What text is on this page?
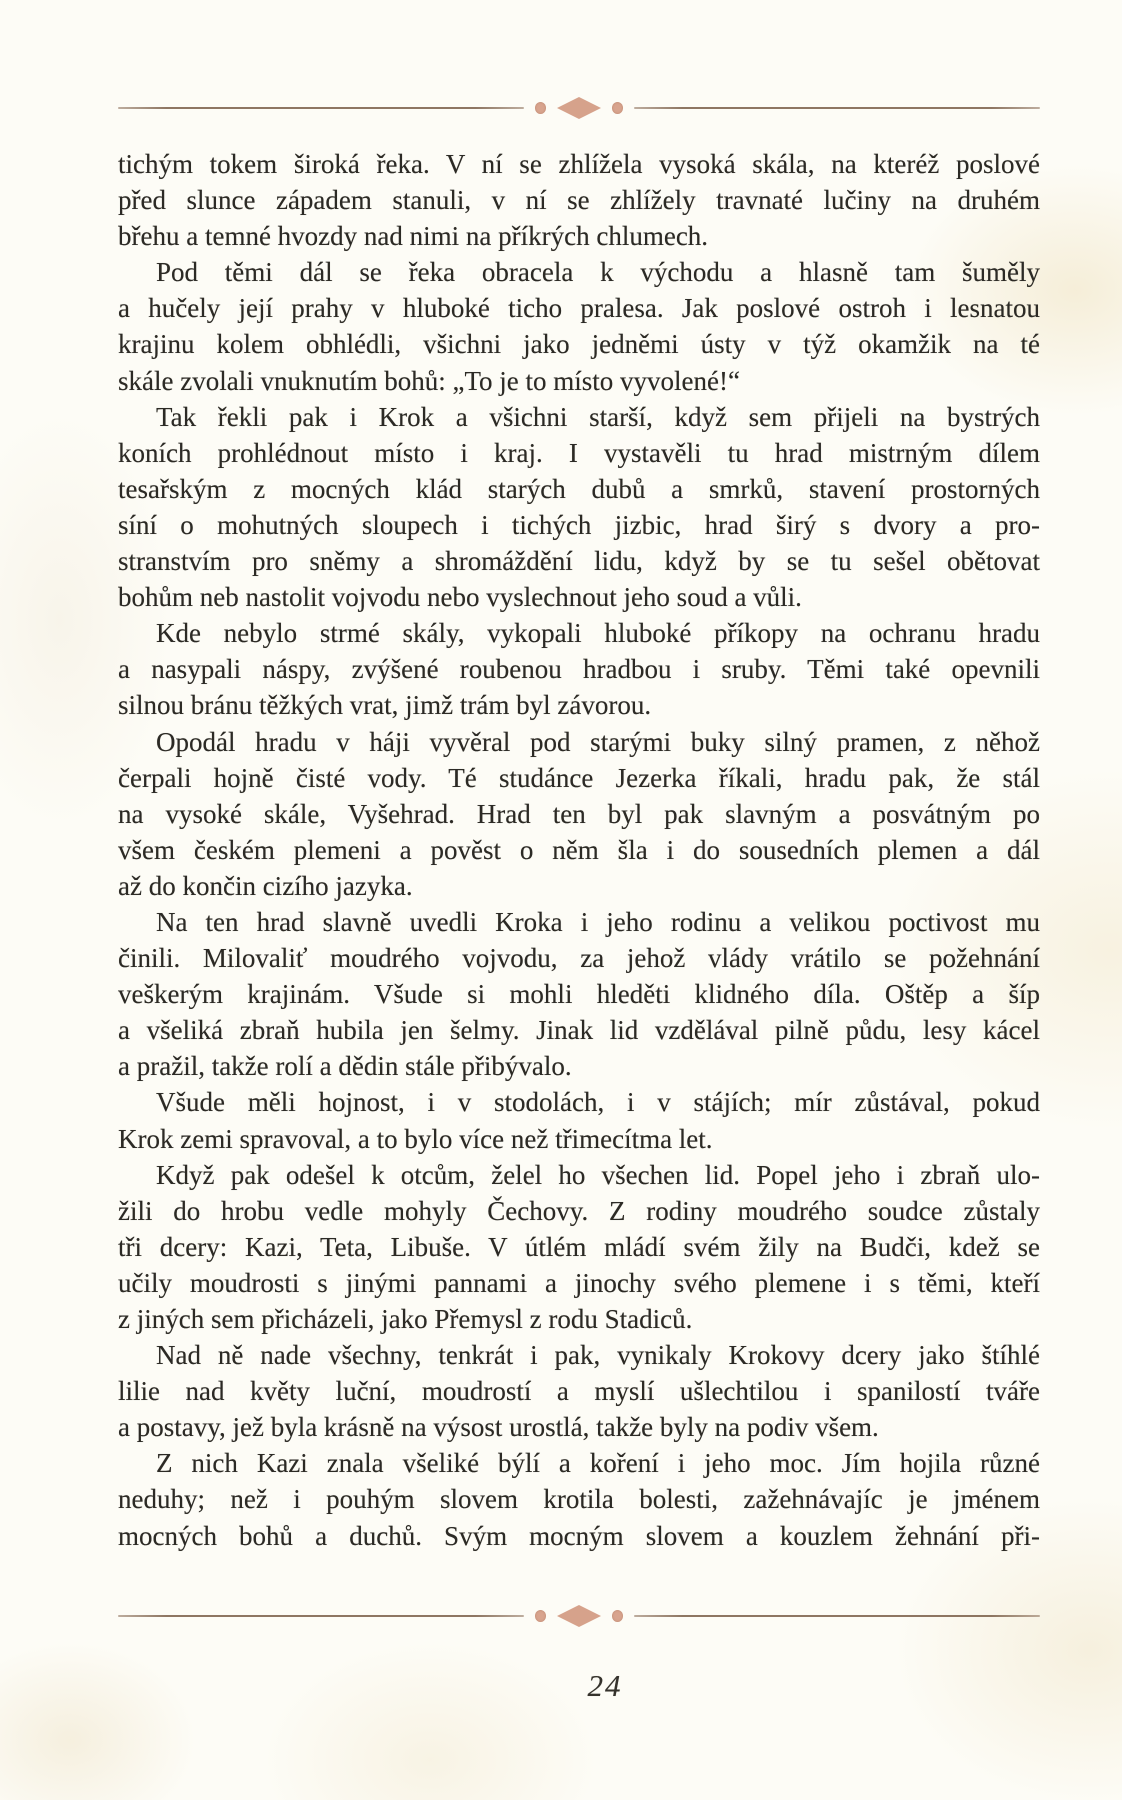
tichým tokem široká řeka. V ní se zhlížela vysoká skála, na kteréž poslové
před slunce západem stanuli, v ní se zhlížely travnaté lučiny na druhém
břehu a temné hvozdy nad nimi na příkrých chlumech.
Pod těmi dál se řeka obracela k východu a hlasně tam šuměly
a hučely její prahy v hluboké ticho pralesa. Jak poslové ostroh i lesnatou
krajinu kolem obhlédli, všichni jako jedněmi ústy v týž okamžik na té
skále zvolali vnuknutím bohů: „To je to místo vyvolené!“
Tak řekli pak i Krok a všichni starší, když sem přijeli na bystrých
koních prohlédnout místo i kraj. I vystavěli tu hrad mistrným dílem
tesařským z mocných klád starých dubů a smrků, stavení prostorných
síní o mohutných sloupech i tichých jizbic, hrad širý s dvory a pro-
stranstvím pro sněmy a shromáždění lidu, když by se tu sešel obětovat
bohům neb nastolit vojvodu nebo vyslechnout jeho soud a vůli.
Kde nebylo strmé skály, vykopali hluboké příkopy na ochranu hradu
a nasypali náspy, zvýšené roubenou hradbou i sruby. Těmi také opevnili
silnou bránu těžkých vrat, jimž trám byl závorou.
Opodál hradu v háji vyvěral pod starými buky silný pramen, z něhož
čerpali hojně čisté vody. Té studánce Jezerka říkali, hradu pak, že stál
na vysoké skále, Vyšehrad. Hrad ten byl pak slavným a posvátným po
všem českém plemeni a pověst o něm šla i do sousedních plemen a dál
až do končin cizího jazyka.
Na ten hrad slavně uvedli Kroka i jeho rodinu a velikou poctivost mu
činili. Milovaliť moudrého vojvodu, za jehož vlády vrátilo se požehnání
veškerým krajinám. Všude si mohli hleděti klidného díla. Oštěp a šíp
a všeliká zbraň hubila jen šelmy. Jinak lid vzdělával pilně půdu, lesy kácel
a pražil, takže rolí a dědin stále přibývalo.
Všude měli hojnost, i v stodolách, i v stájích; mír zůstával, pokud
Krok zemi spravoval, a to bylo více než třimecítma let.
Když pak odešel k otcům, želel ho všechen lid. Popel jeho i zbraň ulo-
žili do hrobu vedle mohyly Čechovy. Z rodiny moudrého soudce zůstaly
tři dcery: Kazi, Teta, Libuše. V útlém mládí svém žily na Budči, kdež se
učily moudrosti s jinými pannami a jinochy svého plemene i s těmi, kteří
z jiných sem přicházeli, jako Přemysl z rodu Stadiců.
Nad ně nade všechny, tenkrát i pak, vynikaly Krokovy dcery jako štíhlé
lilie nad květy luční, moudrostí a myslí ušlechtilou i spanilostí tváře
a postavy, jež byla krásně na výsost urostlá, takže byly na podiv všem.
Z nich Kazi znala všeliké býlí a koření i jeho moc. Jím hojila různé
neduhy; než i pouhým slovem krotila bolesti, zažehnávajíc je jménem
mocných bohů a duchů. Svým mocným slovem a kouzlem žehnání při-
24
